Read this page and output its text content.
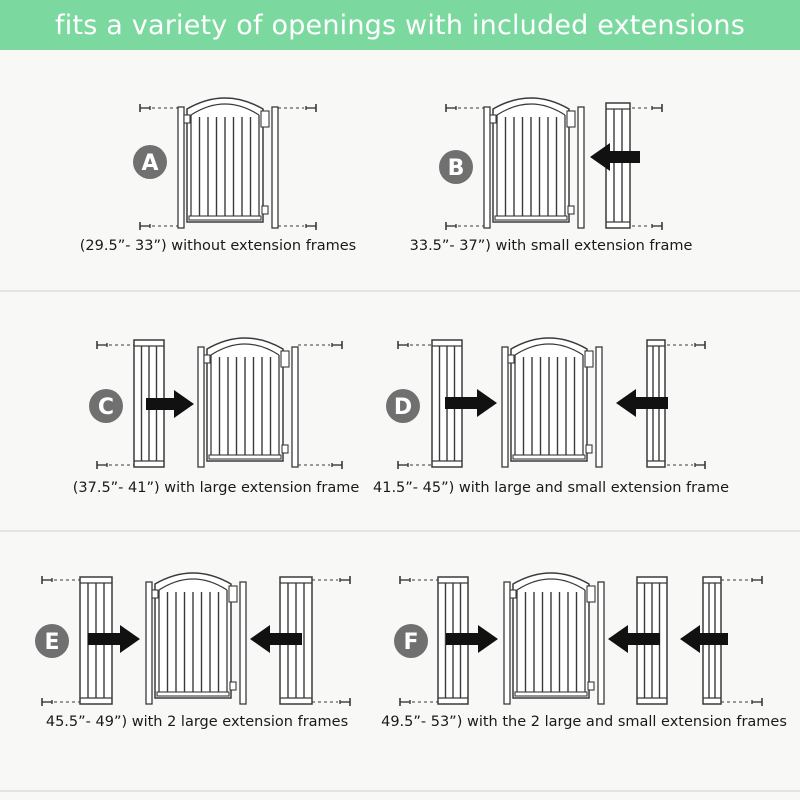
fits a variety of openings with included extensions
A	B
C	D
E	F
(29.5”- 33”) without extension frames	33.5”- 37”) with small extension frame
(37.5”- 41”) with large extension frame 41.5”- 45”) with large and small extension frame
45.5”- 49”) with 2 large extension frames 49.5”- 53”) with the 2 large and small extension frames
